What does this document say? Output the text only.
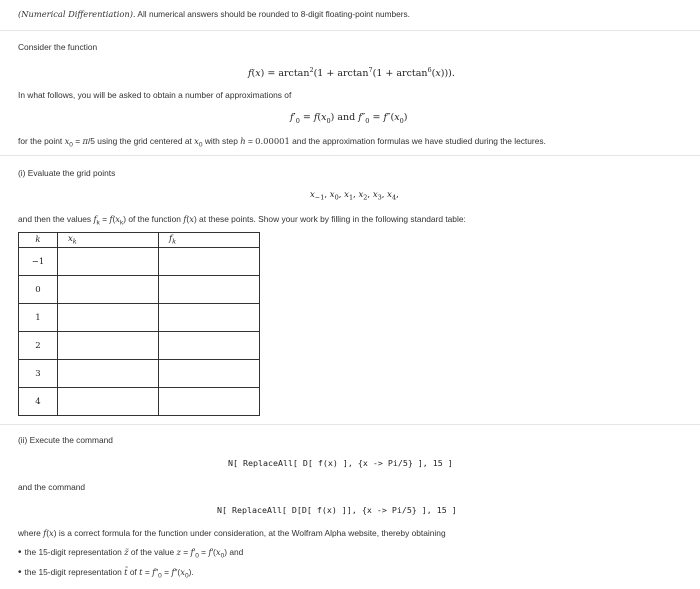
(Numerical Differentiation). All numerical answers should be rounded to 8-digit floating-point numbers.
Consider the function
$f(x) = \arctan^2(1 + \arctan^7(1 + \arctan^6(x)))$.
In what follows, you will be asked to obtain a number of approximations of
$f'_0 = f(x_0)$ and $f''_0 = f''(x_0)$
for the point $x_0 = \pi/5$ using the grid centered at $x_0$ with step h = 0.00001 and the approximation formulas we have studied during the lectures.
(i) Evaluate the grid points
$x_{-1}$, $x_0$, $x_1$, $x_2$, $x_3$, $x_4$,
and then the values $f_k = f(x_k)$ of the function f(x) at these points. Show your work by filling in the following standard table:
k	$x_k$	$f_k$
−1		
0		
1		
2		
3		
4		
(ii) Execute the command
N[ ReplaceAll[ D[ f(x) ], {x -> Pi/5} ], 15 ]
and the command
N[ ReplaceAll[ D[D[ f(x) ]], {x -> Pi/5} ], 15 ]
where f(x) is a correct formula for the function under consideration, at the Wolfram Alpha website, thereby obtaining
• the 15-digit representation z̃ of the value $z = f'_0 = f'(x_0)$ and
• the 15-digit representation t̃ of $t = f''_0 = f''(x_0)$.
